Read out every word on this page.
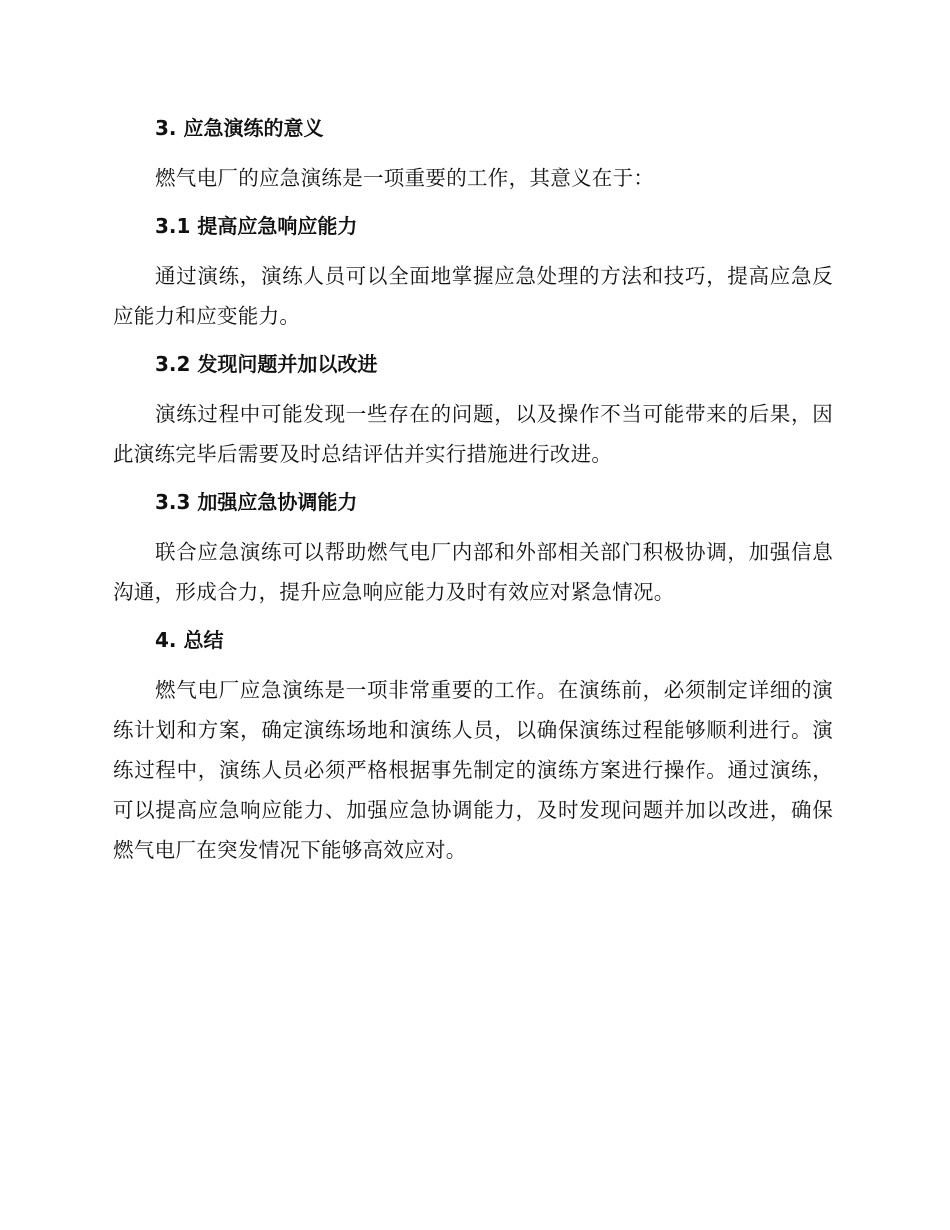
3. 应急演练的意义

燃气电厂的应急演练是一项重要的工作，其意义在于：

3.1 提高应急响应能力

通过演练，演练人员可以全面地掌握应急处理的方法和技巧，提高应急反应能力和应变能力。

3.2 发现问题并加以改进

演练过程中可能发现一些存在的问题，以及操作不当可能带来的后果，因此演练完毕后需要及时总结评估并实行措施进行改进。

3.3 加强应急协调能力

联合应急演练可以帮助燃气电厂内部和外部相关部门积极协调，加强信息沟通，形成合力，提升应急响应能力及时有效应对紧急情况。

4. 总结

燃气电厂应急演练是一项非常重要的工作。在演练前，必须制定详细的演练计划和方案，确定演练场地和演练人员，以确保演练过程能够顺利进行。演练过程中，演练人员必须严格根据事先制定的演练方案进行操作。通过演练，可以提高应急响应能力、加强应急协调能力，及时发现问题并加以改进，确保燃气电厂在突发情况下能够高效应对。
